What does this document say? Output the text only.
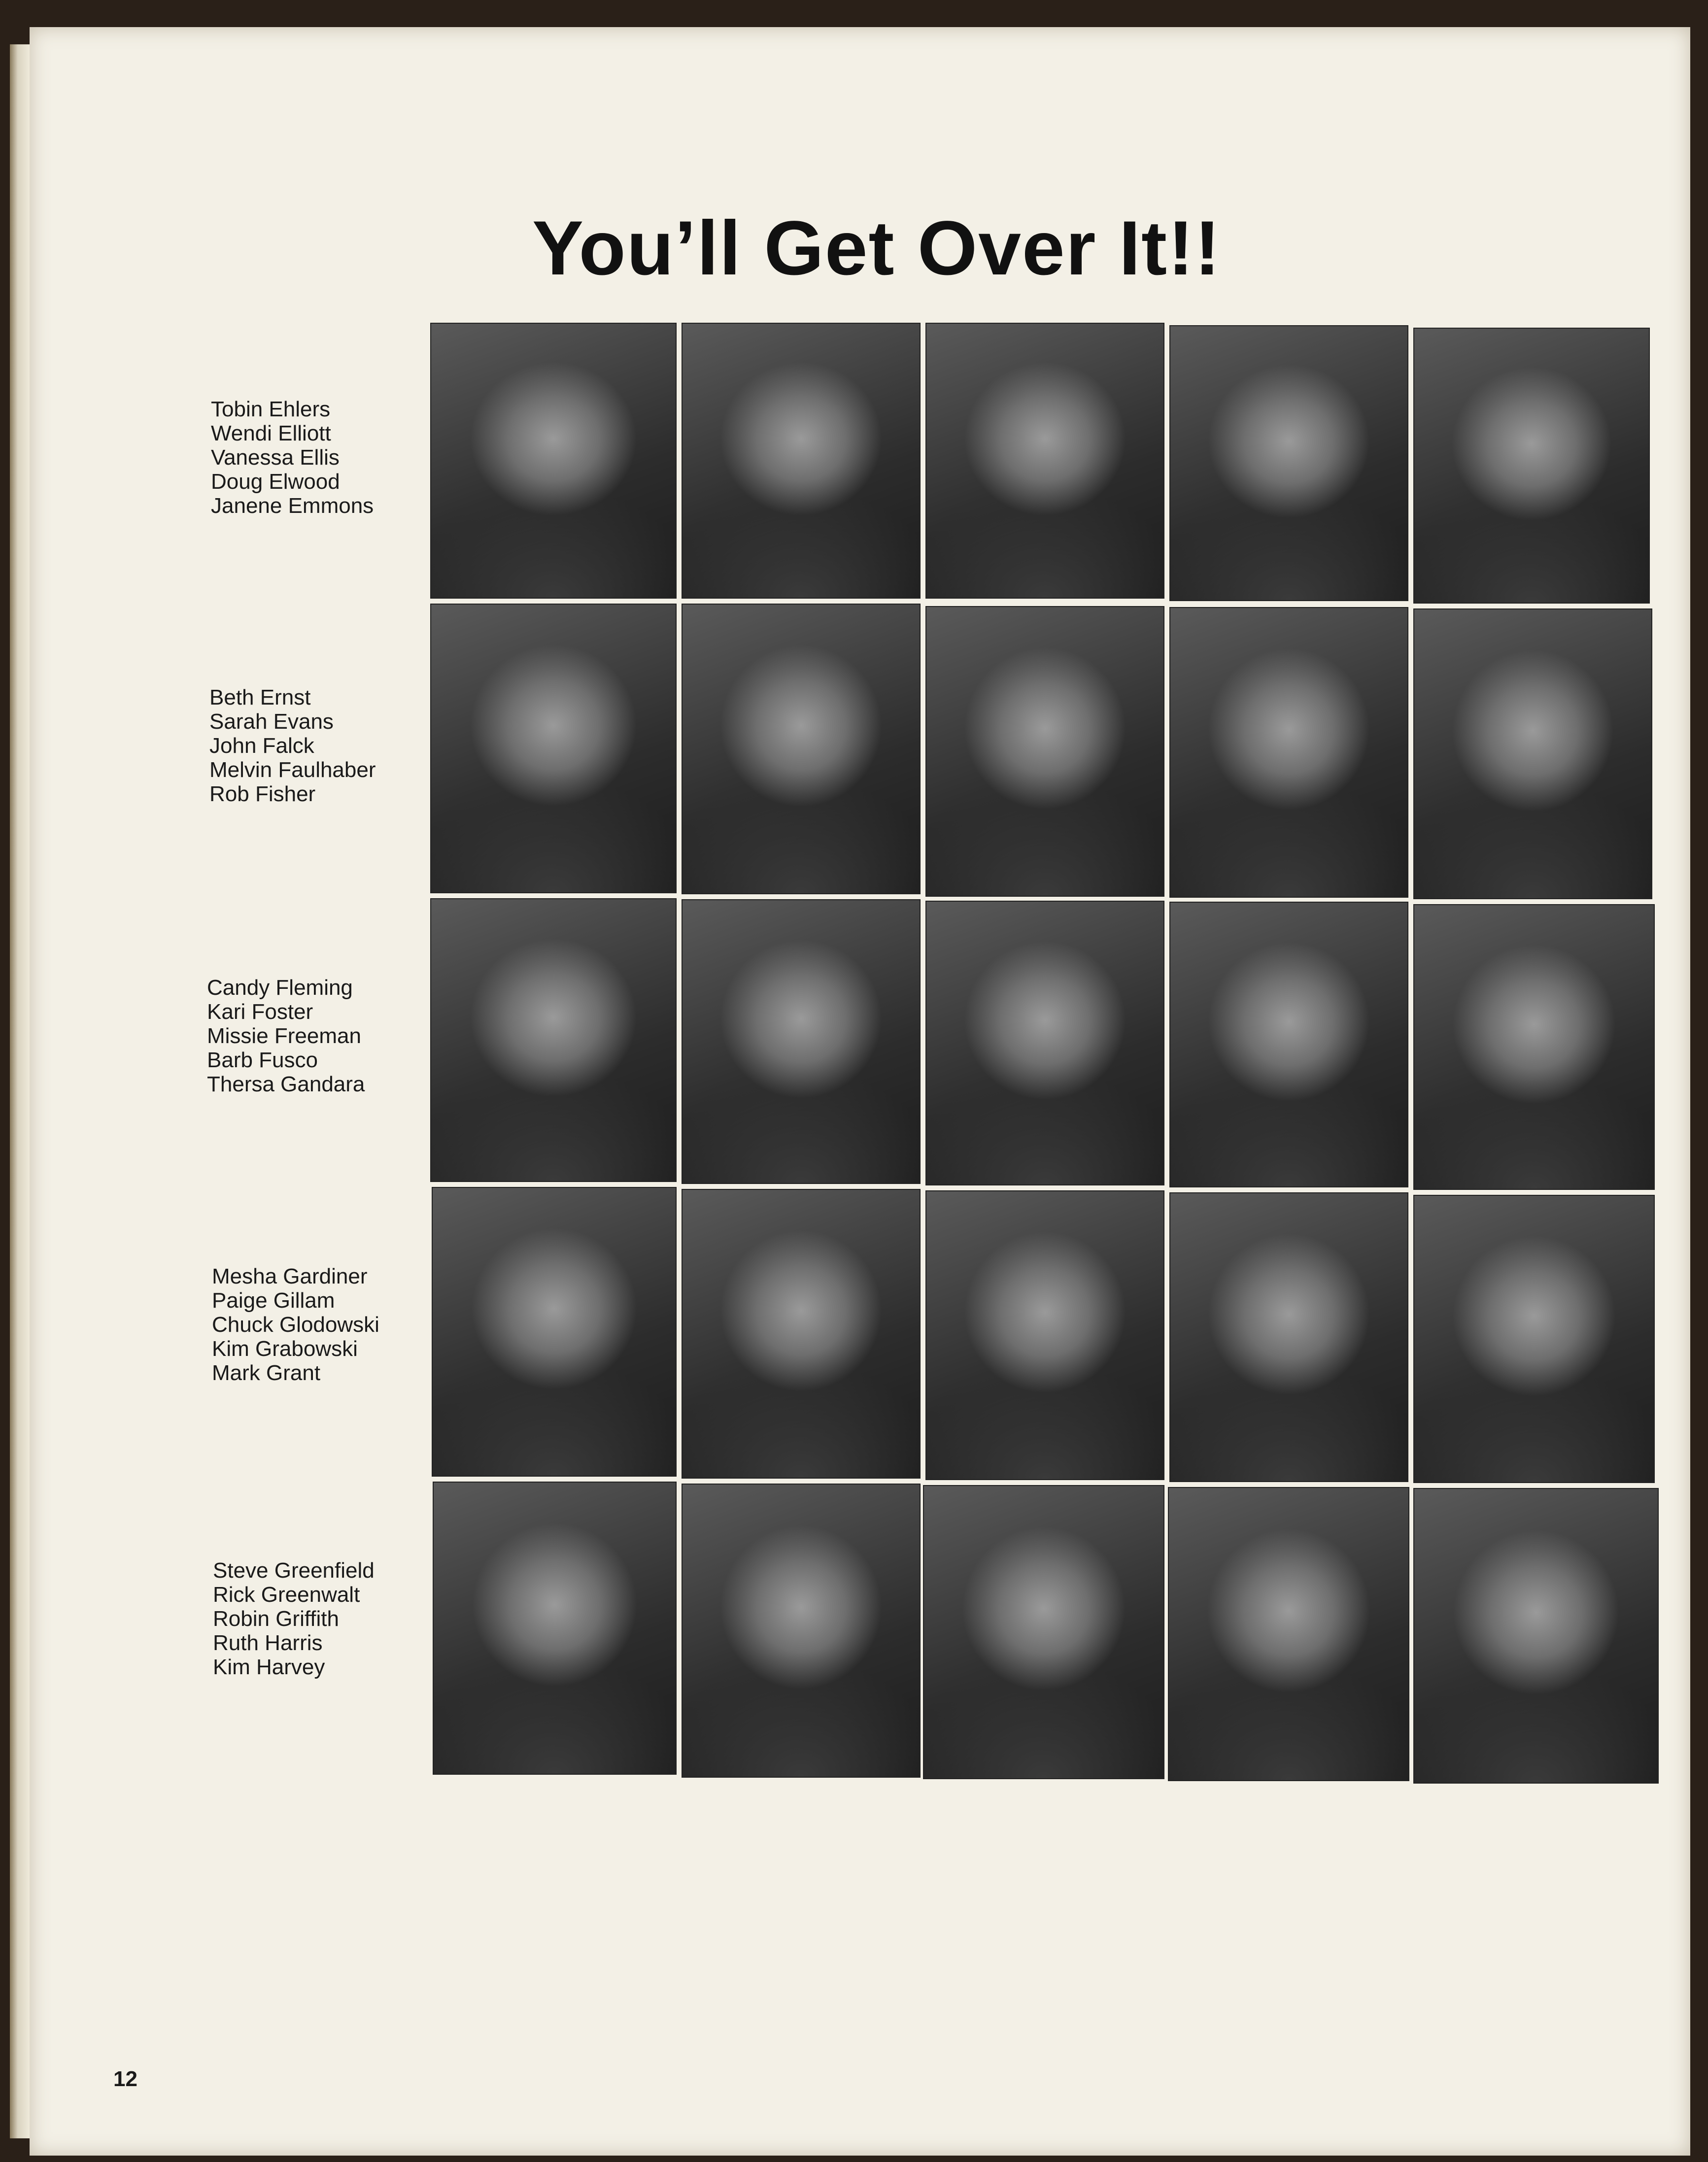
You’ll Get Over It!!
Tobin Ehlers
Wendi Elliott
Vanessa Ellis
Doug Elwood
Janene Emmons
Beth Ernst
Sarah Evans
John Falck
Melvin Faulhaber
Rob Fisher
Candy Fleming
Kari Foster
Missie Freeman
Barb Fusco
Thersa Gandara
Mesha Gardiner
Paige Gillam
Chuck Glodowski
Kim Grabowski
Mark Grant
Steve Greenfield
Rick Greenwalt
Robin Griffith
Ruth Harris
Kim Harvey
12
